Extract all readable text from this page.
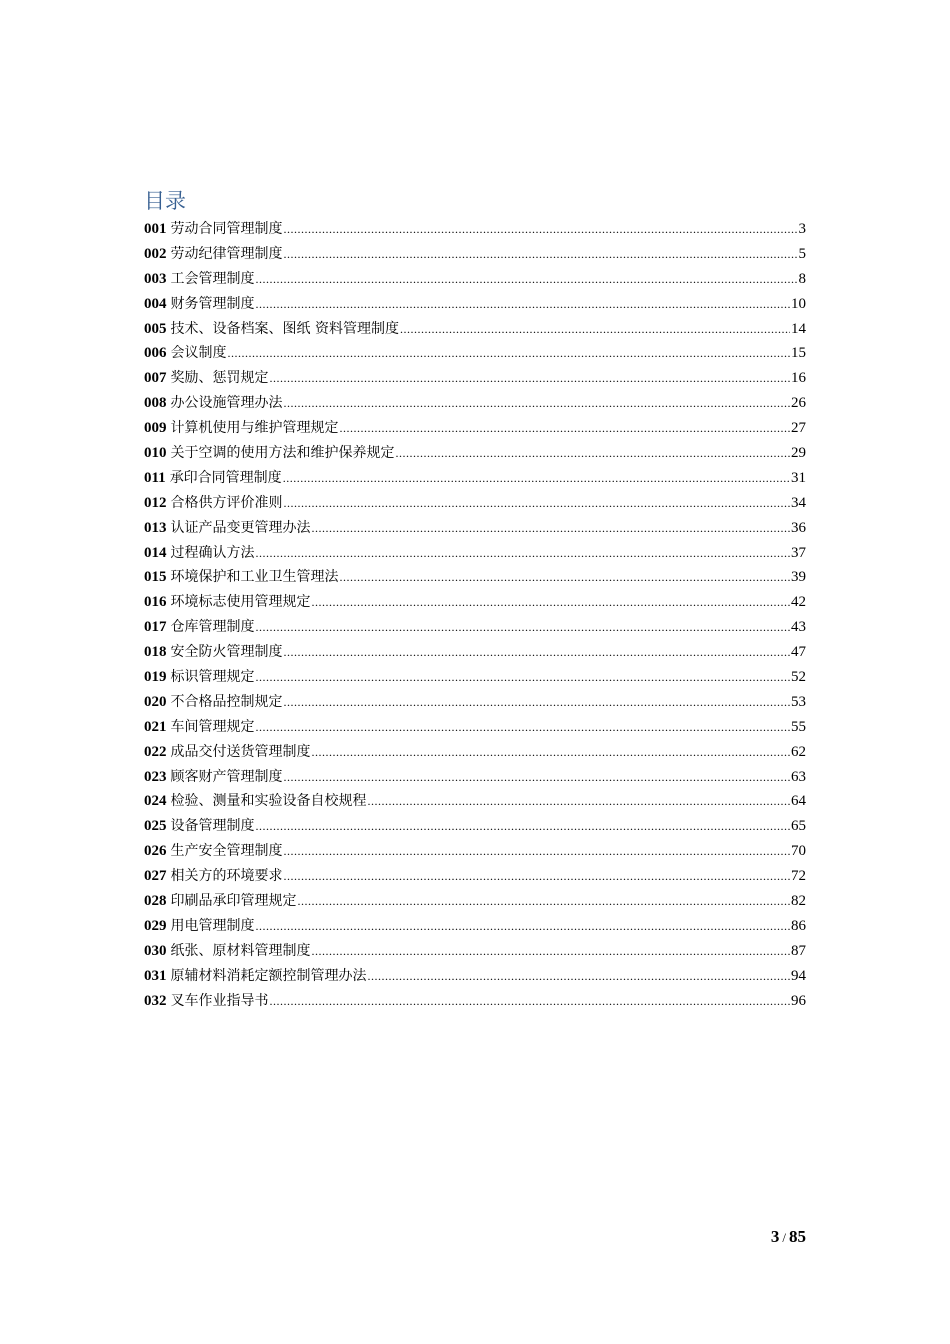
目录
001 劳动合同管理制度 .....	3
002 劳动纪律管理制度 .....	5
003 工会管理制度 .....	8
004 财务管理制度 .....	10
005 技术、设备档案、图纸 资料管理制度 .....	14
006 会议制度 .....	15
007 奖励、惩罚规定 .....	16
008 办公设施管理办法 .....	26
009 计算机使用与维护管理规定 .....	27
010 关于空调的使用方法和维护保养规定 .....	29
011 承印合同管理制度 .....	31
012 合格供方评价准则 .....	34
013 认证产品变更管理办法 .....	36
014 过程确认方法 .....	37
015 环境保护和工业卫生管理法 .....	39
016 环境标志使用管理规定 .....	42
017 仓库管理制度 .....	43
018 安全防火管理制度 .....	47
019 标识管理规定 .....	52
020 不合格品控制规定 .....	53
021 车间管理规定 .....	55
022 成品交付送货管理制度 .....	62
023 顾客财产管理制度 .....	63
024 检验、测量和实验设备自校规程 .....	64
025 设备管理制度 .....	65
026 生产安全管理制度 .....	70
027 相关方的环境要求 .....	72
028 印刷品承印管理规定 .....	82
029 用电管理制度 .....	86
030 纸张、原材料管理制度 .....	87
031 原辅材料消耗定额控制管理办法 .....	94
032 叉车作业指导书 .....	96
3 / 85
